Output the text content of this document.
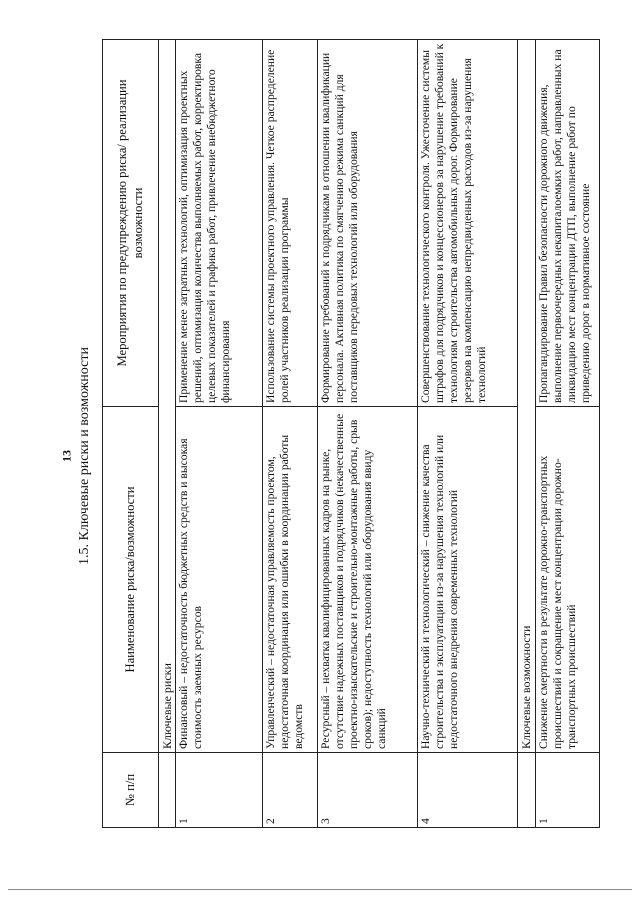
13 1.5. Ключевые риски и возможности
№ п/п	Наименование риска/возможности	Мероприятия по предупреждению риска/ реализации возможности
	Ключевые риски	
1	Финансовый – недостаточность бюджетных средств и высокая стоимость заемных ресурсов	Применение менее затратных технологий, оптимизация проектных решений, оптимизация количества выполняемых работ, корректировка целевых показателей и графика работ, привлечение внебюджетного финансирования
2	Управленческий – недостаточная управляемость проектом, недостаточная координация или ошибки в координации работы ведомств	Использование системы проектного управления. Четкое распределение ролей участников реализации программы
3	Ресурсный – нехватка квалифицированных кадров на рынке, отсутствие надежных поставщиков и подрядчиков (некачественные проектно-изыскательские и строительно-монтажные работы, срыв сроков); недоступность технологий или оборудования ввиду санкций	Формирование требований к подрядчикам в отношении квалификации персонала. Активная политика по смягчению режима санкций для поставщиков передовых технологий или оборудования
4	Научно-технический и технологический – снижение качества строительства и эксплуатации из-за нарушения технологий или недостаточного внедрения современных технологий	Совершенствование технологического контроля. Ужесточение системы штрафов для подрядчиков и концессионеров за нарушение требований к технологиям строительства автомобильных дорог. Формирование резервов на компенсацию непредвиденных расходов из-за нарушения технологий
	Ключевые возможности	
1	Снижение смертности в результате дорожно-транспортных происшествий и сокращение мест концентрации дорожно-транспортных происшествий	Пропагандирование Правил безопасности дорожного движения, выполнение первоочередных некапиталоемких работ, направленных на ликвидацию мест концентрации ДТП, выполнение работ по приведению дорог в нормативное состояние
